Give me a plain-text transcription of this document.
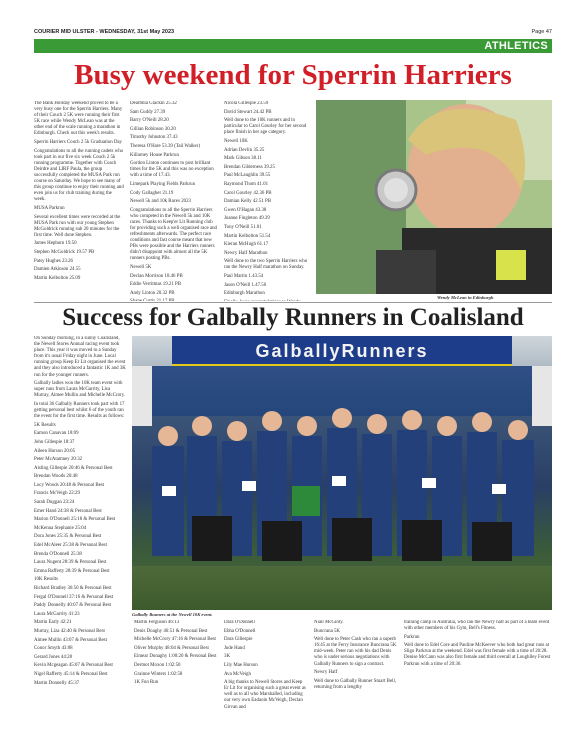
COURIER MID ULSTER - WEDNESDAY, 31st May 2023	Page 47
ATHLETICS
Busy weekend for Sperrin Harriers

The Bank Holiday weekend proved to be a very busy one for the Sperrin Harriers. Many of their Couch 2 5K were running their first 5K race while Wendy McLean was at the other end of the scale running a marathon in Edinburgh. Check out this week's results.

Sperrin Harriers Couch 2 5k Graduation Day

Congratulations to all the running cadets who took part in our five six week Couch 2 5k running programme. Together with Coach Deirdre and LIRF Paula, the group successfully completed the MUSA Park run course on Saturday. We hope to see many of this group continue to enjoy their running and even join us for club training during the week.

MUSA Parkrun

Several excellent times were recorded at the MUSA Park run with our young Stephen McGoldrick running sub 20 minutes for the first time. Well done Stephen.

James Hepburn 19.50

Stephen McGoldrick 19.57 PB

Patsy Hughes 23.26

Damien Atkinson 24.55

Martin Kelbolton 25.09

Dearbhla Glackin 25.32

Sam Cuddy 27.39

Barry O'Neill 28.20

Gillian Robinson 30.20

Timothy Johnston 37.43

Theresa O'Hare 53.39 (Tail Walker)

Killarney House Parkrun

Gordon Linton continues to post brilliant times for the 5K and this was no exception with a time of 17.43.

Limepark Playing Fields Parkrun

Cody Gallagher 21.19

Newell 5k and 10k Races 2023

Congratulations to all the Sperrin Harriers who competed in the Newell 5k and 10K races. Thanks to Keep'er Lit Running club for providing such a well organised race and refreshments afterwards. The perfect race conditions and fast course meant that new PBs were possible and the Harriers runners didn't disappoint with almost all the 5K runners posting PBs.

Newell 5K

Declan Morrison 18.46 PB

Eddie Verritmas 19.21 PB

Andy Linton 20.32 PB

Nicola Gillespie 23.59

David Stewart 24.42 PB

Well done to the 10K runners and in particular to Carol Gourley for her second place finish in her age category.

Newell 10K

Adrian Devlin 35.25

Mark Gibson 38.11

Brendan Gilderness 39.25

Paul McLaughlin 39.55

Raymond Thom 41.01

Carol Gourley 42.36 PB

Damian Kelly 42.51 PB

Gwen O'Hagan 43.38

Joanne Fingleton 49.39

Tony O'Neill 51.01

Martin Kelbolton 51.54

Kieran McHugh 61.17

Newry Half Marathon

Well done to the two Sperrin Harriers who ran the Newry Half marathon on Sunday.

Paul Martin 1.43.54

Jason O'Neill 1.47.56

Edinburgh Marathon

Wendy McLean in Edinburgh
Success for Galbally Runners in Coalisland

On Sunday morning, in a sunny Coalisland, the Newell Stores Annual racing event took place. This year it was moved to a Sunday from it's usual Friday night in June. Local running group Keep Er Lit organised the event and they also introduced a fantastic 1K and 3K run for the younger runners.

Galbally ladies won the 10K team event with super runs from Laura McGarrity, Lisa Murray, Aimee Mullin and Michelle McCrory.

In total 36 Galbally Runners took part with 17 getting personal best whilst 6 of the youth ran the event for the first time. Results as follows:

5K Results

Eamon Canavan 18:09

John Gillespie 18:37

Aileen Hurson 20:05

Peter McAtamney 20:32

Aisling Gillespie 20:46 & Personal Best

Brendan Woods 20:48

Lucy Woods 20:48 & Personal Best

Francis McVeigh 22:29

Sarah Duggan 23:24

Emer Hand 24:38 & Personal Best

Marion O'Donnell 25:18 & Personal Best

McKenna Stephanie 25:04

Dora Jones 25:35 & Personal Best

Edel McAleer 25:38 & Personal Best

Brenda O'Donnell 25:38

Laura Nugent 28:39 & Personal Best

Emma Rafferty 28:39 & Personal Best

10K Results

Richard Bradley 36:50 & Personal Best

Fergal O'Donnell 37:16 & Personal Best

Paddy Donnelly 40:07 & Personal Best

Laura McGarrity 41:23

Martin Early 42:21

Murray, Liza 42:40 & Personal Best

Aimee Mullin 43:07 & Personal Best

Conor Smyth 43:08

Gerard Jones 44:28

Kevin Mcgeagan 45:07 & Personal Best

Nigel Rafferty 45:14 & Personal Best

Martin Donnelly 45:37

GalballyRunners
Galbally Runners at the Newell 10K event.

Martin Ferguson 46:13

Denis Doaghy 46:51 & Personal Best

Michelle McCrory 47:16 & Personal Best

Oliver Murphy 48:04 & Personal Best

Eimear Donaghy 1:00:20 & Personal Best

Dermot Moxon 1:02:50

Grainne Winters 1:02:58

1K Fun Run

Dara O'Donnell

Ebha O'Donnell

Dara Gillespie

Jude Hand

3K

Lily Mae Hurson

Ava McVeigh

A big thanks to Newell Stores and Keep Er Lit for organising such a great event as well as to all who Marshalled, including our very own Eadaoin McVeigh, Declan Girvan and

Niall McGinty.

Buncrana 5K

Well done to Peter Cash who ran a superb 16:45 at the Ferry Insurance Buncrana 5K mid-week. Peter ran with his dad Denis who is under serious negotiations with Galbally Runners to sign a contract.

Newry Half

Well done to Galbally Runner Stuart Bell, returning from a lengthy

training camp in Australia, who ran the Newry half as part of a team event with other members of his Gym, Bell's Fitness.

Parkrun

Well done to Edel Core and Pauline McKeever who both had great runs at Sligo Parkrun at the weekend. Edel was first female with a time of 20:28. Denise McCann was also first female and third overall at Loughlley Forest Parkrun with a time of 20:36.
